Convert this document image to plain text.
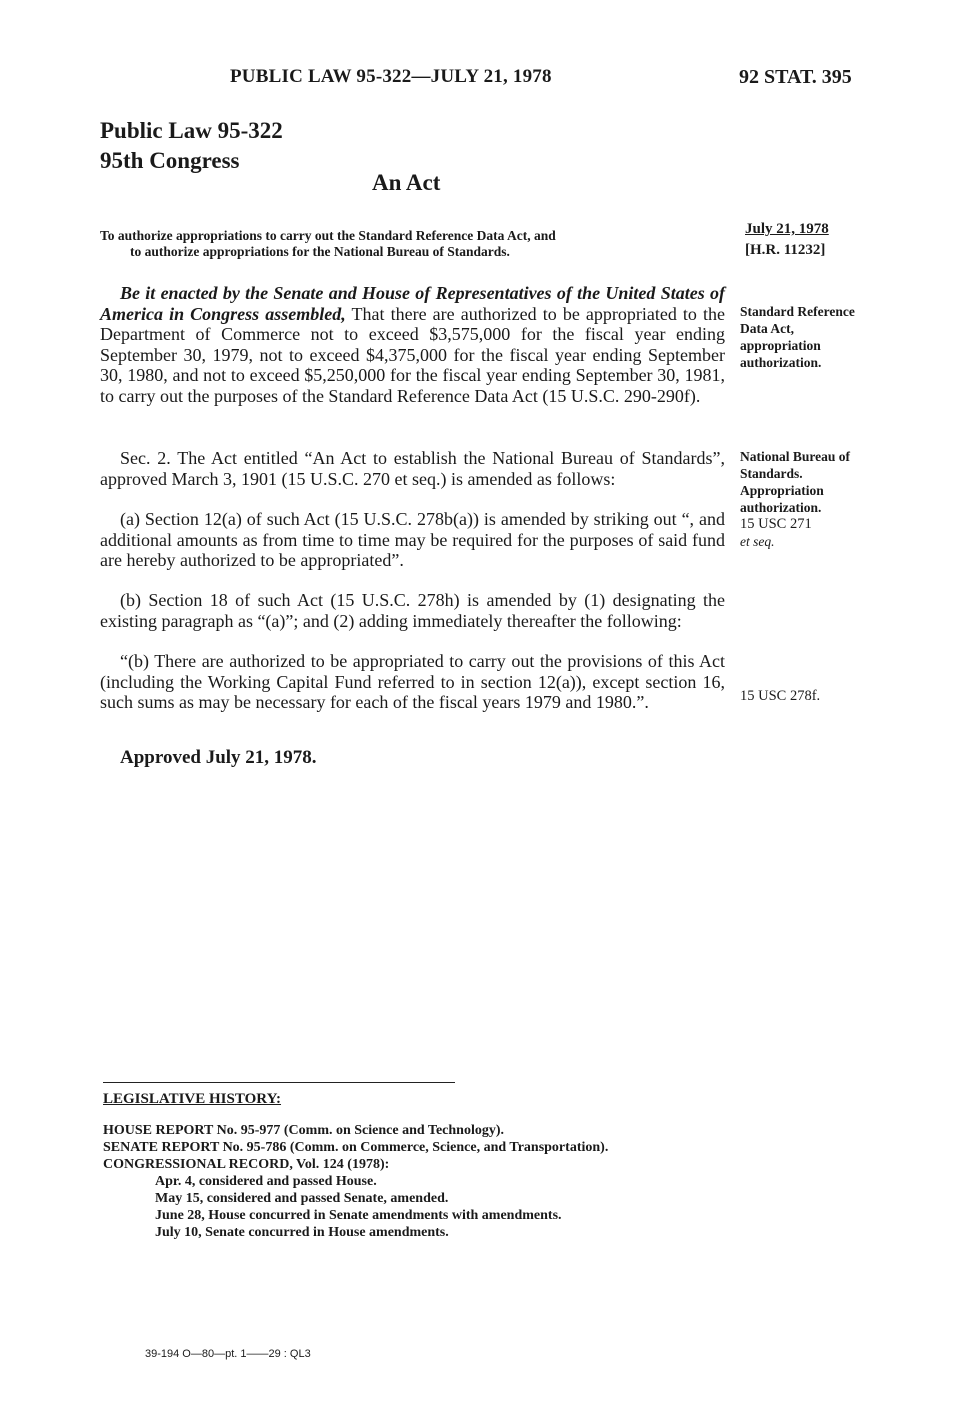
PUBLIC LAW 95-322—JULY 21, 1978	92 STAT. 395
Public Law 95-322
95th Congress
An Act
To authorize appropriations to carry out the Standard Reference Data Act, and
to authorize appropriations for the National Bureau of Standards.
July 21, 1978
[H.R. 11232]

Be it enacted by the Senate and House of Representatives of the United States of America in Congress assembled, That there are authorized to be appropriated to the Department of Commerce not to exceed $3,575,000 for the fiscal year ending September 30, 1979, not to exceed $4,375,000 for the fiscal year ending September 30, 1980, and not to exceed $5,250,000 for the fiscal year ending September 30, 1981, to carry out the purposes of the Standard Reference Data Act (15 U.S.C. 290-290f).

Sec. 2. The Act entitled “An Act to establish the National Bureau of Standards”, approved March 3, 1901 (15 U.S.C. 270 et seq.) is amended as follows:

(a) Section 12(a) of such Act (15 U.S.C. 278b(a)) is amended by striking out “, and additional amounts as from time to time may be required for the purposes of said fund are hereby authorized to be appropriated”.

(b) Section 18 of such Act (15 U.S.C. 278h) is amended by (1) designating the existing paragraph as “(a)”; and (2) adding immediately thereafter the following:

“(b) There are authorized to be appropriated to carry out the provisions of this Act (including the Working Capital Fund referred to in section 12(a)), except section 16, such sums as may be necessary for each of the fiscal years 1979 and 1980.”.

Approved July 21, 1978.
Standard Reference Data Act, appropriation authorization.
National Bureau of Standards. Appropriation authorization.
15 USC 271
et seq.
15 USC 278f.
LEGISLATIVE HISTORY:
HOUSE REPORT No. 95-977 (Comm. on Science and Technology).
SENATE REPORT No. 95-786 (Comm. on Commerce, Science, and Transportation).
CONGRESSIONAL RECORD, Vol. 124 (1978):
Apr. 4, considered and passed House.
May 15, considered and passed Senate, amended.
June 28, House concurred in Senate amendments with amendments.
July 10, Senate concurred in House amendments.
39-194 O—80—pt. 1——29 : QL3
